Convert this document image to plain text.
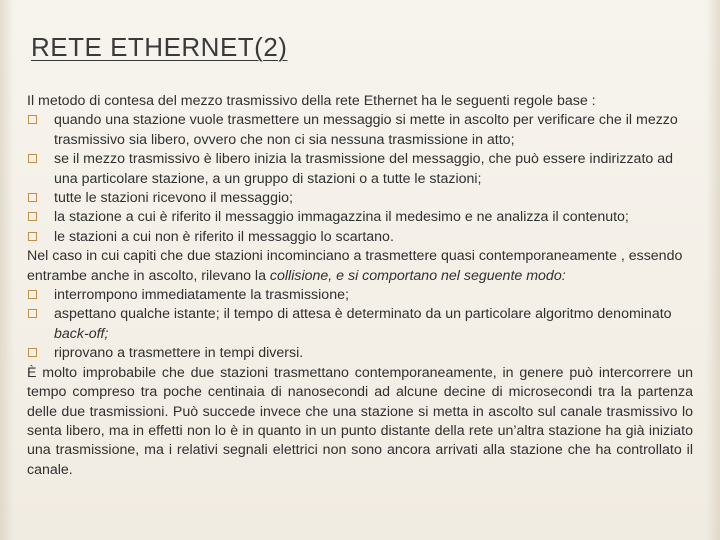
RETE ETHERNET(2)

Il metodo di contesa del mezzo trasmissivo della rete Ethernet ha le seguenti regole base :

quando una stazione vuole trasmettere un messaggio si mette in ascolto per verificare che il mezzo trasmissivo sia libero, ovvero che non ci sia nessuna trasmissione in atto;
se il mezzo trasmissivo è libero inizia la trasmissione del messaggio, che può essere indirizzato ad una particolare stazione, a un gruppo di stazioni o a tutte le stazioni;
tutte le stazioni ricevono il messaggio;
la stazione a cui è riferito il messaggio immagazzina il medesimo e ne analizza il contenuto;
le stazioni a cui non è riferito il messaggio lo scartano.

Nel caso in cui capiti che due stazioni incominciano a trasmettere quasi contemporaneamente , essendo entrambe anche in ascolto, rilevano la collisione, e si comportano nel seguente modo:

interrompono immediatamente la trasmissione;
aspettano qualche istante; il tempo di attesa è determinato da un particolare algoritmo denominato back-off;
riprovano a trasmettere in tempi diversi.

È molto improbabile che due stazioni trasmettano contemporaneamente, in genere può intercorrere un tempo compreso tra poche centinaia di nanosecondi ad alcune decine di microsecondi tra la partenza delle due trasmissioni. Può succede invece che una stazione si metta in ascolto sul canale trasmissivo lo senta libero, ma in effetti non lo è in quanto in un punto distante della rete un’altra stazione ha già iniziato una trasmissione, ma i relativi segnali elettrici non sono ancora arrivati alla stazione che ha controllato il canale.
